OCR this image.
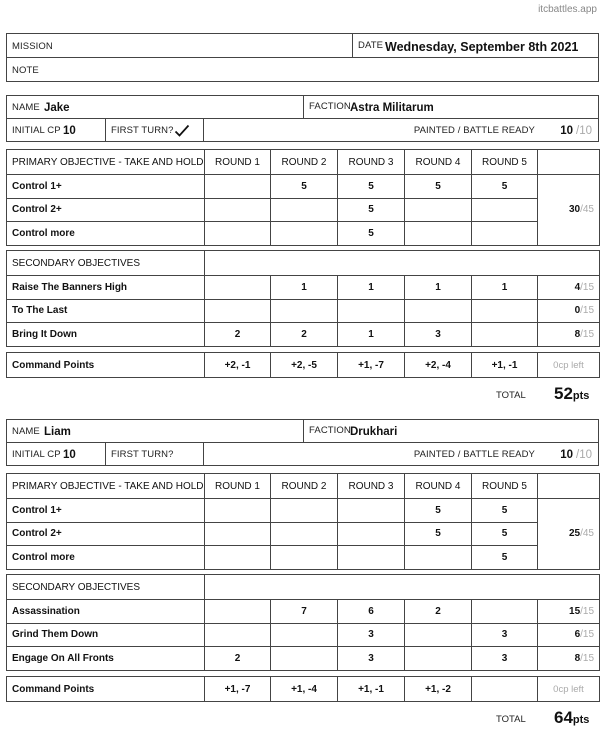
itcbattles.app
MISSION	DATE Wednesday, September 8th 2021
NOTE
NAME Jake	FACTION Astra Militarum
INITIAL CP 10	FIRST TURN?	PAINTED / BATTLE READY 10 /10
PRIMARY OBJECTIVE - TAKE AND HOLD	ROUND 1	ROUND 2	ROUND 3	ROUND 4	ROUND 5	
Control 1+		5	5	5	5	30/45
Control 2+			5			
Control more			5			
SECONDARY OBJECTIVES						
Raise The Banners High		1	1	1	1	4/15
To The Last						0/15
Bring It Down	2	2	1	3		8/15
Command Points	+2, -1	+2, -5	+1, -7	+2, -4	+1, -1	0cp left
TOTAL 52pts
NAME Liam	FACTION Drukhari
INITIAL CP 10	FIRST TURN?	PAINTED / BATTLE READY 10 /10
PRIMARY OBJECTIVE - TAKE AND HOLD	ROUND 1	ROUND 2	ROUND 3	ROUND 4	ROUND 5	
Control 1+				5	5	25/45
Control 2+				5	5	
Control more					5	
SECONDARY OBJECTIVES						
Assassination		7	6	2		15/15
Grind Them Down			3		3	6/15
Engage On All Fronts	2		3		3	8/15
Command Points	+1, -7	+1, -4	+1, -1	+1, -2		0cp left
TOTAL 64pts
